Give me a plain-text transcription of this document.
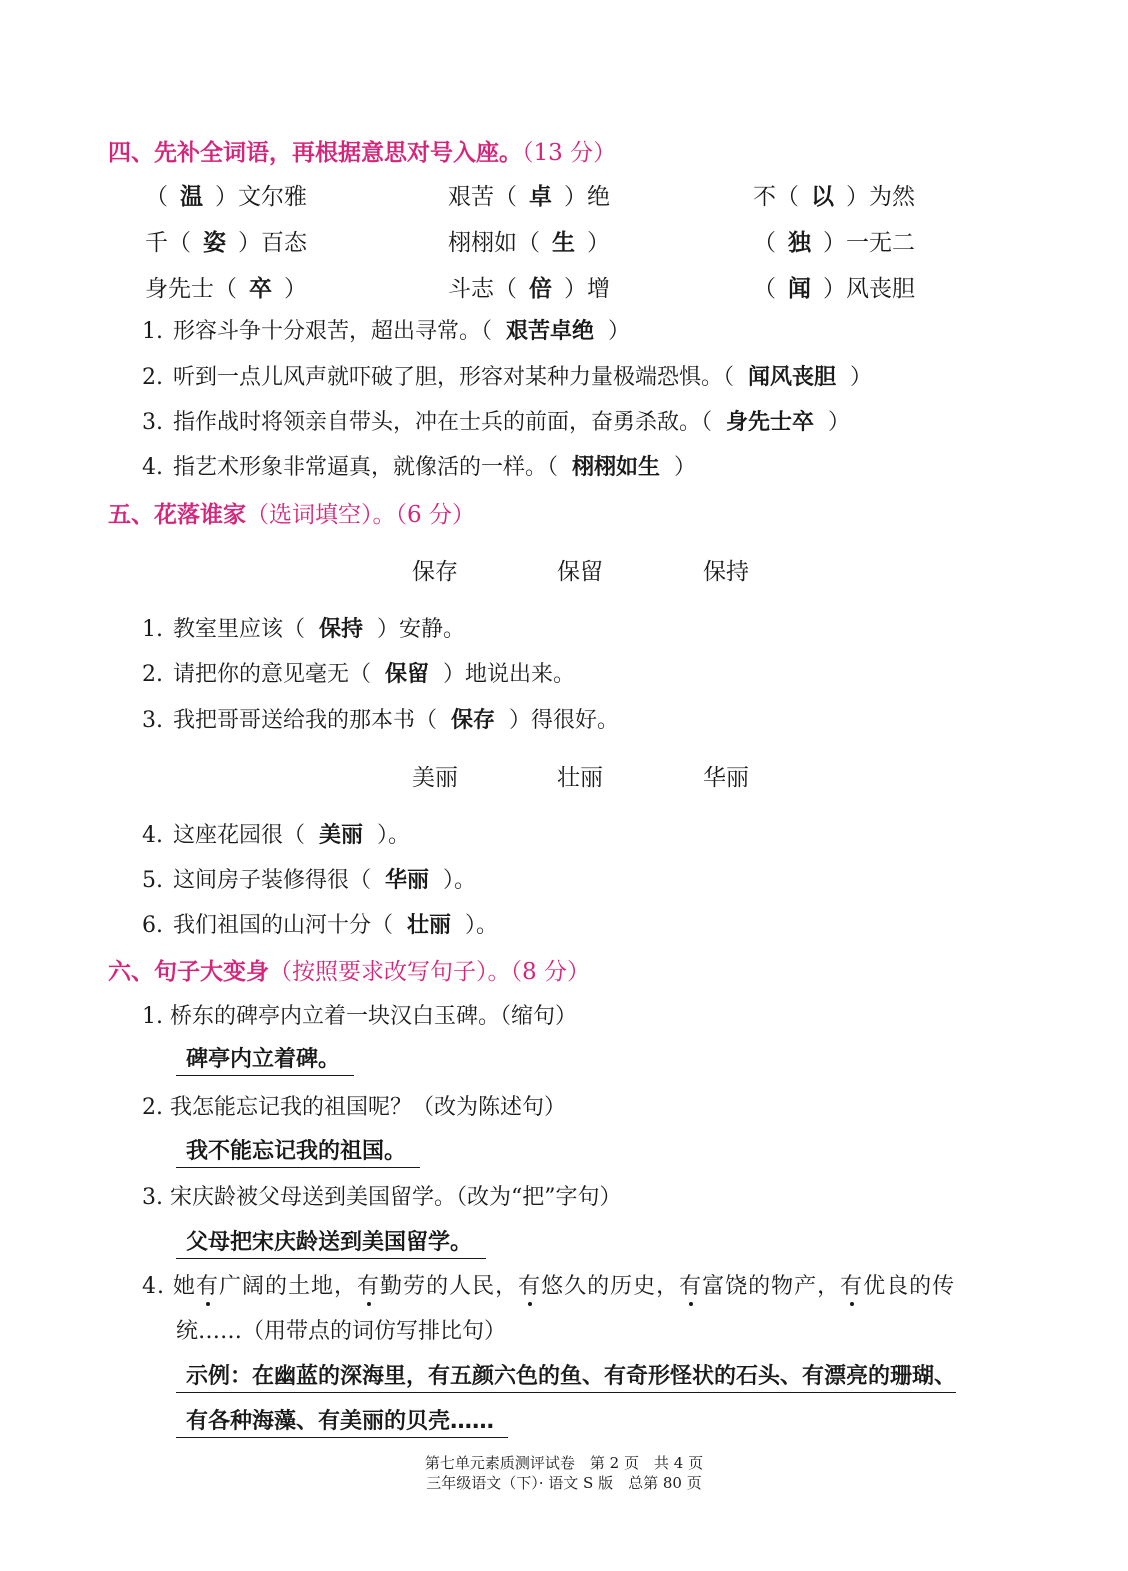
四、先补全词语，再根据意思对号入座。（13 分）
（ 温 ）文尔雅	艰苦（ 卓 ）绝	不（ 以 ）为然
千（ 姿 ）百态	栩栩如（ 生 ）	（ 独 ）一无二
身先士（ 卒 ）	斗志（ 倍 ）增	（ 闻 ）风丧胆
1. 形容斗争十分艰苦，超出寻常。（ 艰苦卓绝 ）
2. 听到一点儿风声就吓破了胆，形容对某种力量极端恐惧。（ 闻风丧胆 ）
3. 指作战时将领亲自带头，冲在士兵的前面，奋勇杀敌。（ 身先士卒 ）
4. 指艺术形象非常逼真，就像活的一样。（ 栩栩如生 ）
五、花落谁家（选词填空）。（6 分）
保存	保留	保持
1. 教室里应该（ 保持 ）安静。
2. 请把你的意见毫无（ 保留 ）地说出来。
3. 我把哥哥送给我的那本书（ 保存 ）得很好。
美丽	壮丽	华丽
4. 这座花园很（ 美丽 ）。
5. 这间房子装修得很（ 华丽 ）。
6. 我们祖国的山河十分（ 壮丽 ）。
六、句子大变身（按照要求改写句子）。（8 分）
1. 桥东的碑亭内立着一块汉白玉碑。（缩句）
碑亭内立着碑。
2. 我怎能忘记我的祖国呢？（改为陈述句）
我不能忘记我的祖国。
3. 宋庆龄被父母送到美国留学。（改为“把”字句）
父母把宋庆龄送到美国留学。
4. 她有广阔的土地，有勤劳的人民，有悠久的历史，有富饶的物产，有优良的传
统……（用带点的词仿写排比句）
示例：在幽蓝的深海里，有五颜六色的鱼、有奇形怪状的石头、有漂亮的珊瑚、
有各种海藻、有美丽的贝壳……
第七单元素质测评试卷　第 2 页　共 4 页
三年级语文（下）· 语文 S 版　总第 80 页
